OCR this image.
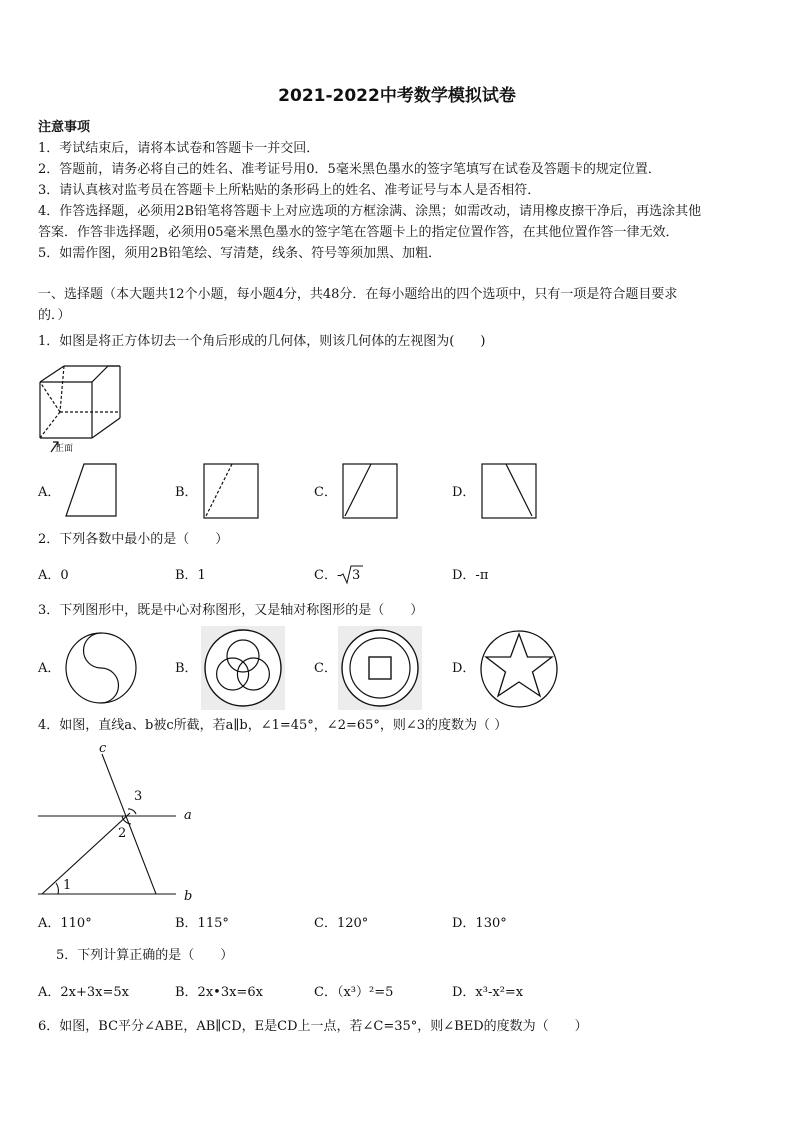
2021-2022中考数学模拟试卷
注意事项
1．考试结束后，请将本试卷和答题卡一并交回．
2．答题前，请务必将自己的姓名、准考证号用0．5毫米黑色墨水的签字笔填写在试卷及答题卡的规定位置．
3．请认真核对监考员在答题卡上所粘贴的条形码上的姓名、准考证号与本人是否相符．
4．作答选择题，必须用2B铅笔将答题卡上对应选项的方框涂满、涂黑；如需改动，请用橡皮擦干净后，再选涂其他
答案．作答非选择题，必须用05毫米黑色墨水的签字笔在答题卡上的指定位置作答，在其他位置作答一律无效．
5．如需作图，须用2B铅笔绘、写清楚，线条、符号等须加黑、加粗．
一、选择题（本大题共12个小题，每小题4分，共48分．在每小题给出的四个选项中，只有一项是符合题目要求
的．）
1．如图是将正方体切去一个角后形成的几何体，则该几何体的左视图为(　　)
正面
A．	B．	C．	D．
2．下列各数中最小的是（　　）
A．0	B．1	C．- 3	D．-π
3．下列图形中，既是中心对称图形，又是轴对称图形的是（　　）
A．	B．	C．	D．
4．如图，直线a、b被c所截，若a∥b，∠1=45°，∠2=65°，则∠3的度数为（ ）
c
a
b
3
2
1
A．110°	B．115°	C．120°	D．130°
5．下列计算正确的是（　　）
A．2x+3x=5x	B．2x•3x=6x	C．（x³）²=5	D．x³-x²=x
6．如图，BC平分∠ABE，AB∥CD，E是CD上一点，若∠C=35°，则∠BED的度数为（　　）
